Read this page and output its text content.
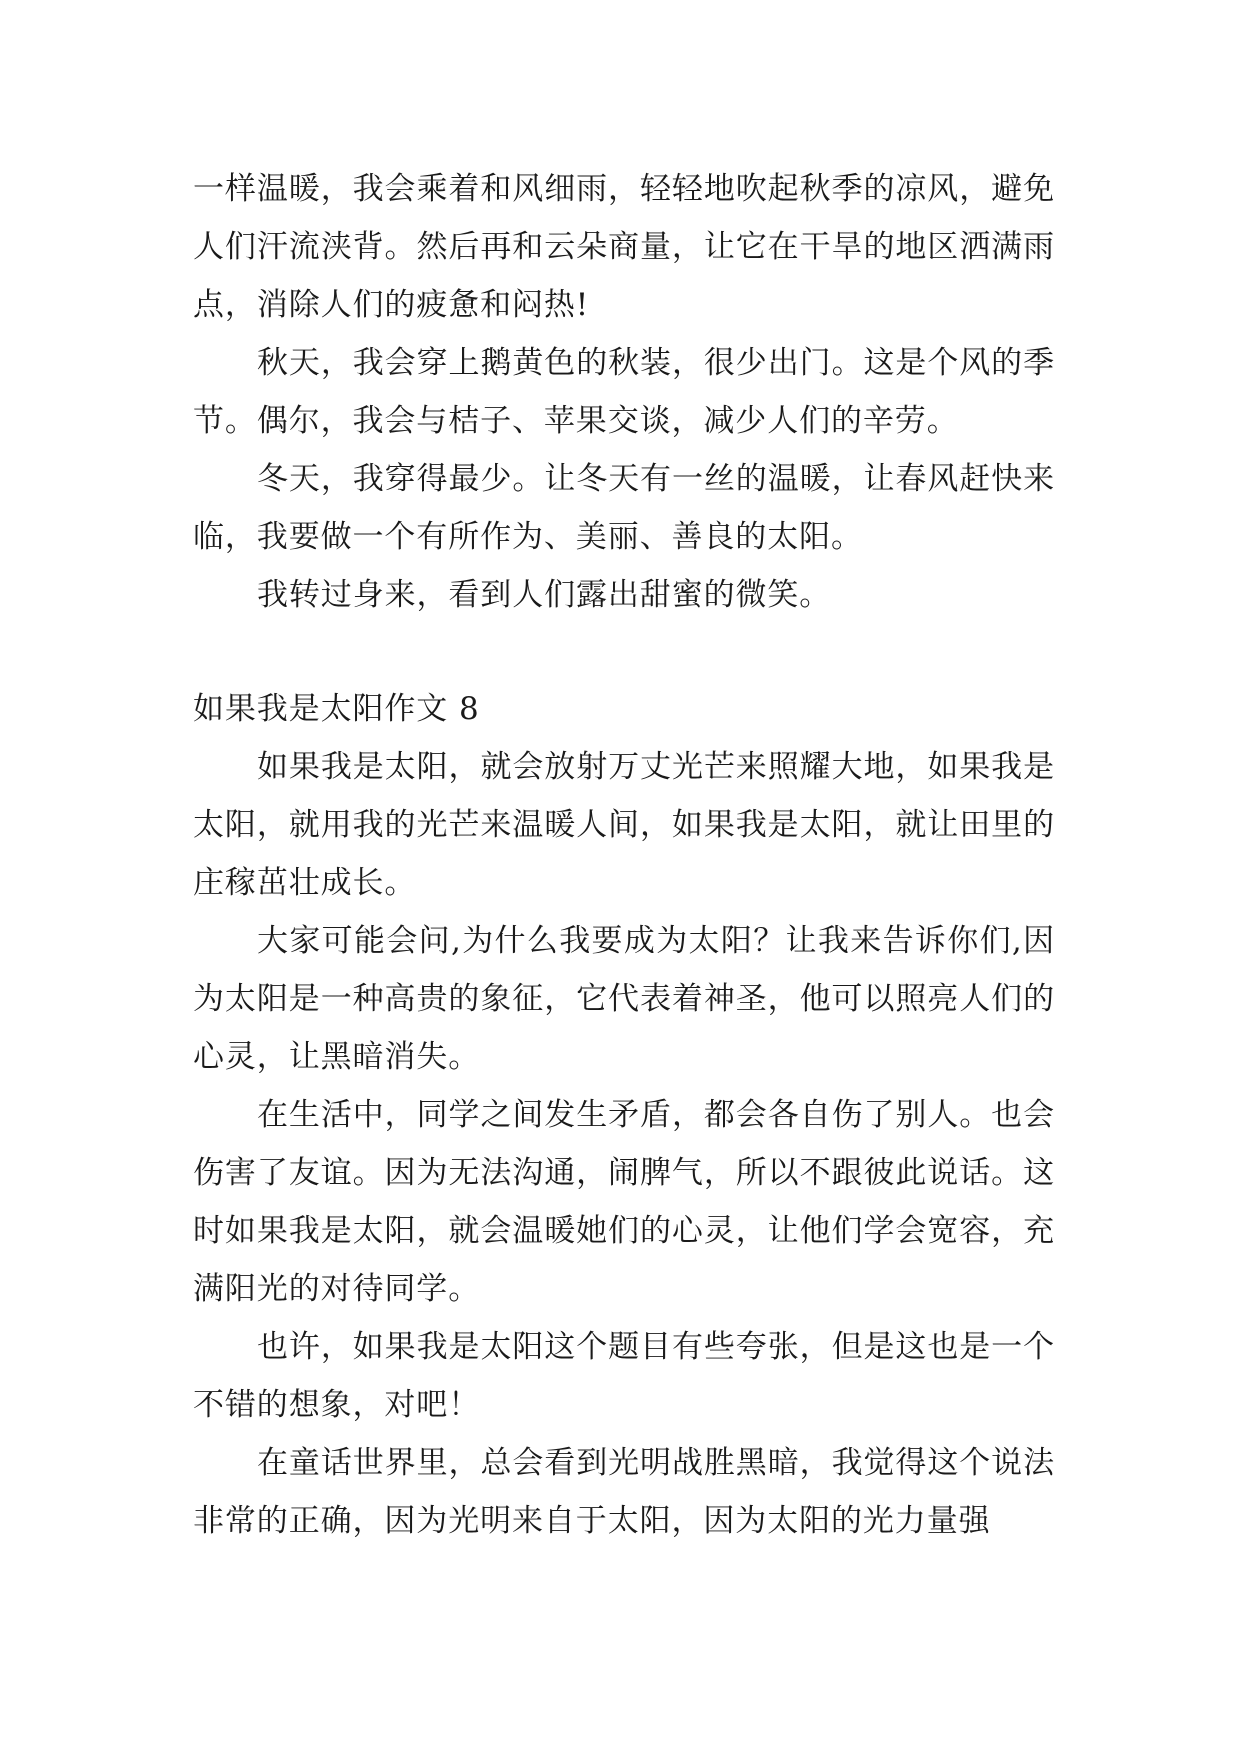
一样温暖，我会乘着和风细雨，轻轻地吹起秋季的凉风，避免人们汗流浃背。然后再和云朵商量，让它在干旱的地区洒满雨点，消除人们的疲惫和闷热!

秋天，我会穿上鹅黄色的秋装，很少出门。这是个风的季节。偶尔，我会与桔子、苹果交谈，减少人们的辛劳。

冬天，我穿得最少。让冬天有一丝的温暖，让春风赶快来临，我要做一个有所作为、美丽、善良的太阳。

我转过身来，看到人们露出甜蜜的微笑。

如果我是太阳作文 8

如果我是太阳，就会放射万丈光芒来照耀大地，如果我是太阳，就用我的光芒来温暖人间，如果我是太阳，就让田里的庄稼茁壮成长。

大家可能会问,为什么我要成为太阳？让我来告诉你们,因为太阳是一种高贵的象征，它代表着神圣，他可以照亮人们的心灵，让黑暗消失。

在生活中，同学之间发生矛盾，都会各自伤了别人。也会伤害了友谊。因为无法沟通，闹脾气，所以不跟彼此说话。这时如果我是太阳，就会温暖她们的心灵，让他们学会宽容，充满阳光的对待同学。

也许，如果我是太阳这个题目有些夸张，但是这也是一个不错的想象，对吧！

在童话世界里，总会看到光明战胜黑暗，我觉得这个说法非常的正确，因为光明来自于太阳，因为太阳的光力量强
